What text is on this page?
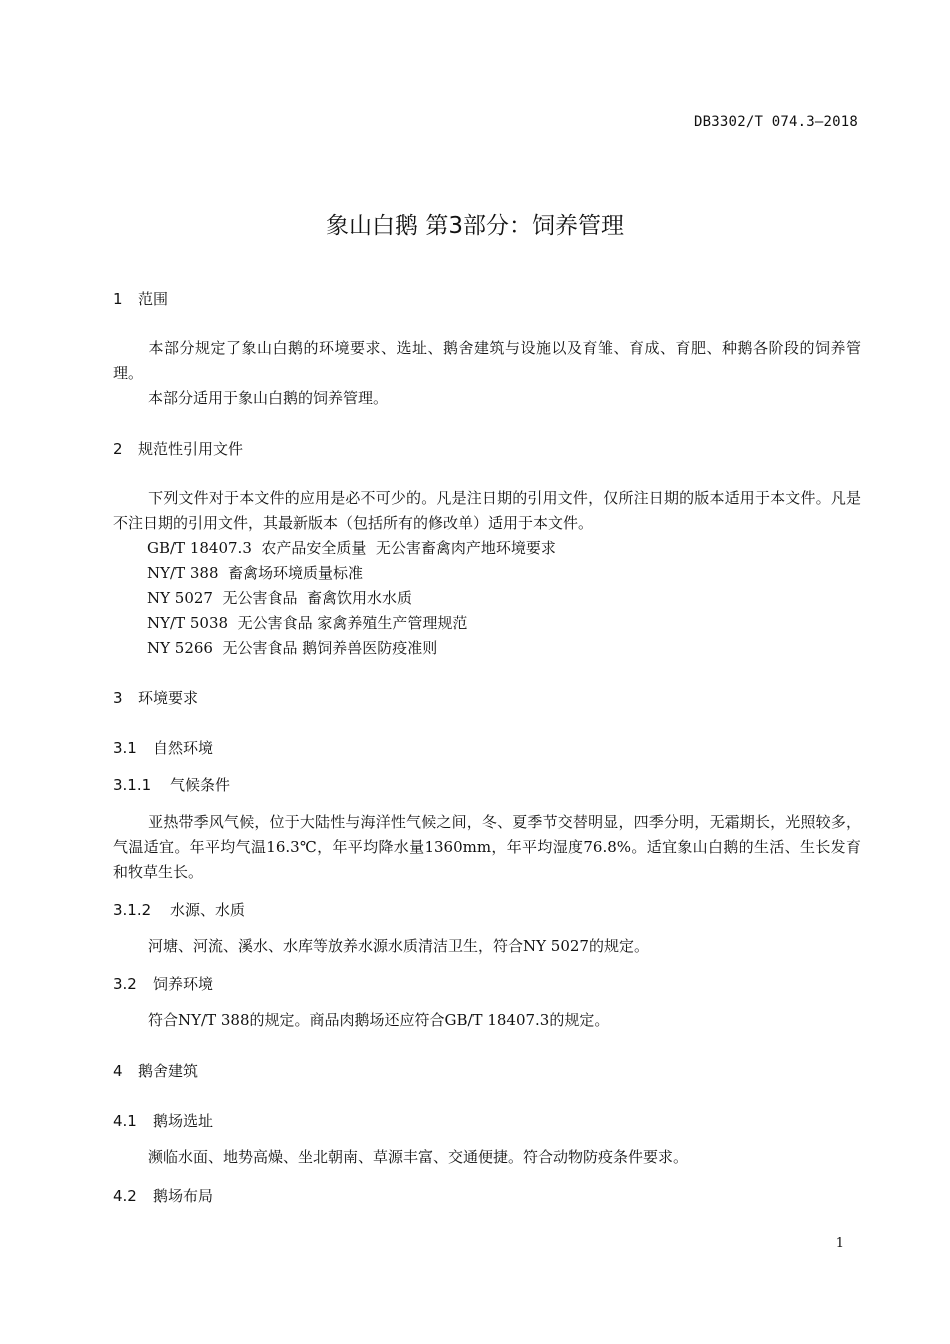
DB3302/T 074.3—2018
象山白鹅 第3部分：饲养管理
1 范围
本部分规定了象山白鹅的环境要求、选址、鹅舍建筑与设施以及育雏、育成、育肥、种鹅各阶段的饲养管理。
本部分适用于象山白鹅的饲养管理。
2 规范性引用文件
下列文件对于本文件的应用是必不可少的。凡是注日期的引用文件，仅所注日期的版本适用于本文件。凡是不注日期的引用文件，其最新版本（包括所有的修改单）适用于本文件。
GB/T 18407.3  农产品安全质量  无公害畜禽肉产地环境要求
NY/T 388  畜禽场环境质量标准
NY 5027  无公害食品  畜禽饮用水水质
NY/T 5038  无公害食品 家禽养殖生产管理规范
NY 5266  无公害食品 鹅饲养兽医防疫准则
3 环境要求
3.1 自然环境
3.1.1 气候条件
亚热带季风气候，位于大陆性与海洋性气候之间，冬、夏季节交替明显，四季分明，无霜期长，光照较多，气温适宜。年平均气温16.3℃，年平均降水量1360mm，年平均湿度76.8%。适宜象山白鹅的生活、生长发育和牧草生长。
3.1.2 水源、水质
河塘、河流、溪水、水库等放养水源水质清洁卫生，符合NY 5027的规定。
3.2 饲养环境
符合NY/T 388的规定。商品肉鹅场还应符合GB/T 18407.3的规定。
4 鹅舍建筑
4.1 鹅场选址
濒临水面、地势高燥、坐北朝南、草源丰富、交通便捷。符合动物防疫条件要求。
4.2 鹅场布局
1
